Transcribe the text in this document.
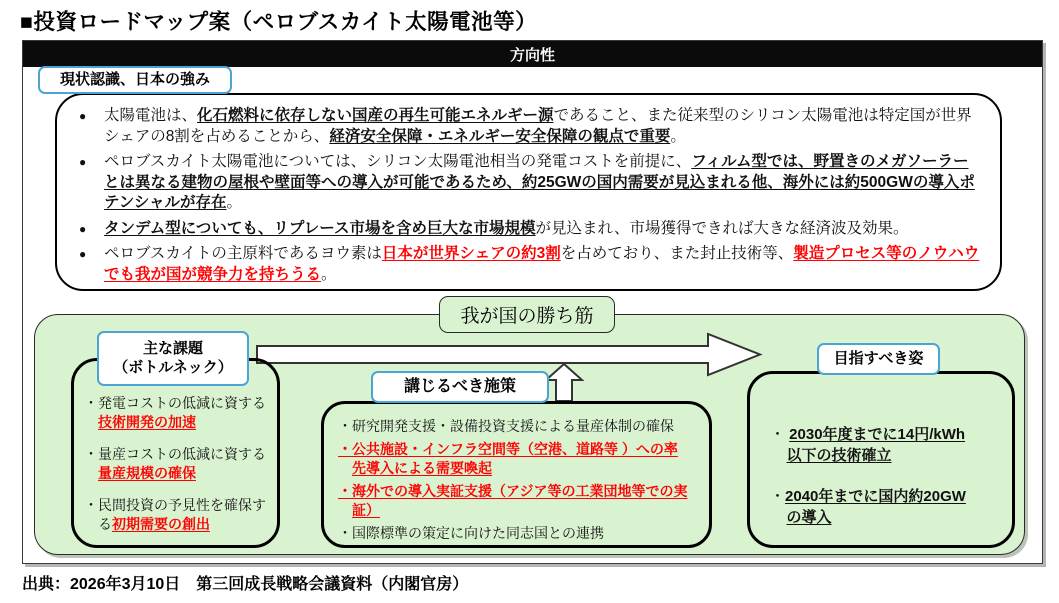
■投資ロードマップ案（ペロブスカイト太陽電池等）
方向性
現状認識、日本の強み
●	太陽電池は、化石燃料に依存しない国産の再生可能エネルギー源であること、また従来型のシリコン太陽電池は特定国が世界シェアの8割を占めることから、経済安全保障・エネルギー安全保障の観点で重要。
●	ペロブスカイト太陽電池については、シリコン太陽電池相当の発電コストを前提に、フィルム型では、野置きのメガソーラーとは異なる建物の屋根や壁面等への導入が可能であるため、約25GWの国内需要が見込まれる他、海外には約500GWの導入ポテンシャルが存在。
●	タンデム型についても、リプレース市場を含め巨大な市場規模が見込まれ、市場獲得できれば大きな経済波及効果。
●	ペロブスカイトの主原料であるヨウ素は日本が世界シェアの約3割を占めており、また封止技術等、製造プロセス等のノウハウでも我が国が競争力を持ちうる。
我が国の勝ち筋
主な課題
（ボトルネック）
・発電コストの低減に資する技術開発の加速
・量産コストの低減に資する量産規模の確保
・民間投資の予見性を確保する初期需要の創出
講じるべき施策
・研究開発支援・設備投資支援による量産体制の確保
・公共施設・インフラ空間等（空港、道路等 ）への率先導入による需要喚起
・海外での導入実証支援（アジア等の工業団地等での実証）
・国際標準の策定に向けた同志国との連携
目指すべき姿
・ 2030年度までに14円/kWh以下の技術確立
・2040年までに国内約20GWの導入
出典：2026年3月10日　第三回成長戦略会議資料（内閣官房）
